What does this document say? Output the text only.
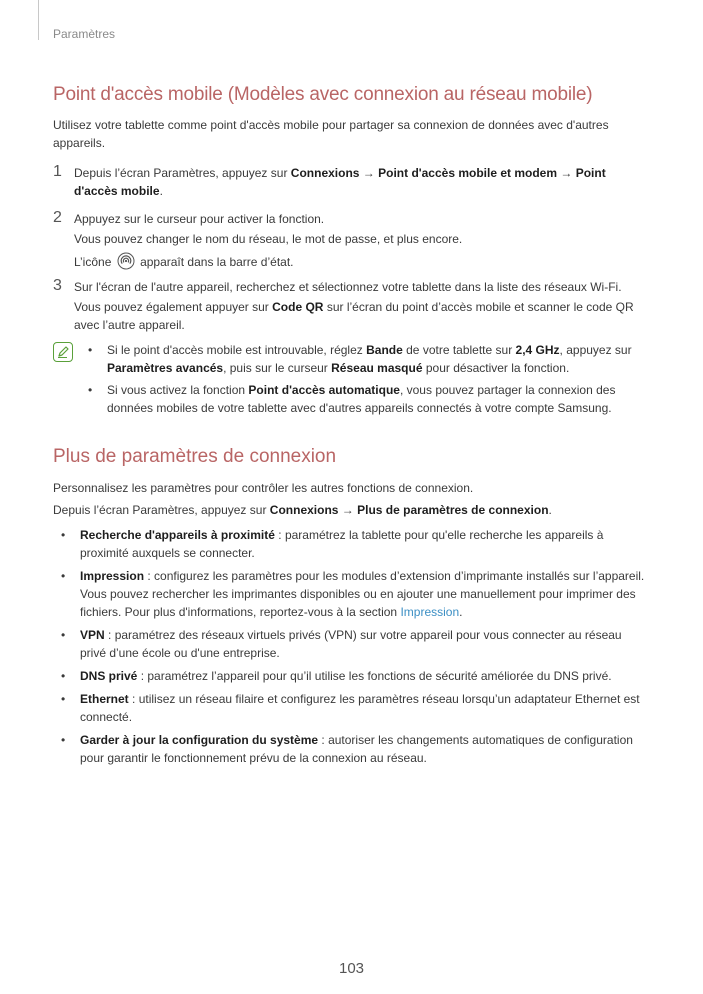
Paramètres
Point d'accès mobile (Modèles avec connexion au réseau mobile)

Utilisez votre tablette comme point d'accès mobile pour partager sa connexion de données avec d'autres appareils.

1 Depuis l’écran Paramètres, appuyez sur Connexions → Point d'accès mobile et modem → Point d'accès mobile.
2 Appuyez sur le curseur pour activer la fonction.
Vous pouvez changer le nom du réseau, le mot de passe, et plus encore.
L’icône apparaît dans la barre d’état.
3 Sur l'écran de l'autre appareil, recherchez et sélectionnez votre tablette dans la liste des réseaux Wi-Fi.
Vous pouvez également appuyer sur Code QR sur l’écran du point d’accès mobile et scanner le code QR avec l’autre appareil.
• Si le point d'accès mobile est introuvable, réglez Bande de votre tablette sur 2,4 GHz, appuyez sur Paramètres avancés, puis sur le curseur Réseau masqué pour désactiver la fonction.
• Si vous activez la fonction Point d'accès automatique, vous pouvez partager la connexion des données mobiles de votre tablette avec d'autres appareils connectés à votre compte Samsung.
Plus de paramètres de connexion

Personnalisez les paramètres pour contrôler les autres fonctions de connexion.

Depuis l’écran Paramètres, appuyez sur Connexions → Plus de paramètres de connexion.

• Recherche d'appareils à proximité : paramétrez la tablette pour qu'elle recherche les appareils à proximité auxquels se connecter.
• Impression : configurez les paramètres pour les modules d’extension d’imprimante installés sur l’appareil. Vous pouvez rechercher les imprimantes disponibles ou en ajouter une manuellement pour imprimer des fichiers. Pour plus d'informations, reportez-vous à la section Impression.
• VPN : paramétrez des réseaux virtuels privés (VPN) sur votre appareil pour vous connecter au réseau privé d’une école ou d'une entreprise.
• DNS privé : paramétrez l’appareil pour qu’il utilise les fonctions de sécurité améliorée du DNS privé.
• Ethernet : utilisez un réseau filaire et configurez les paramètres réseau lorsqu’un adaptateur Ethernet est connecté.
• Garder à jour la configuration du système : autoriser les changements automatiques de configuration pour garantir le fonctionnement prévu de la connexion au réseau.
103
